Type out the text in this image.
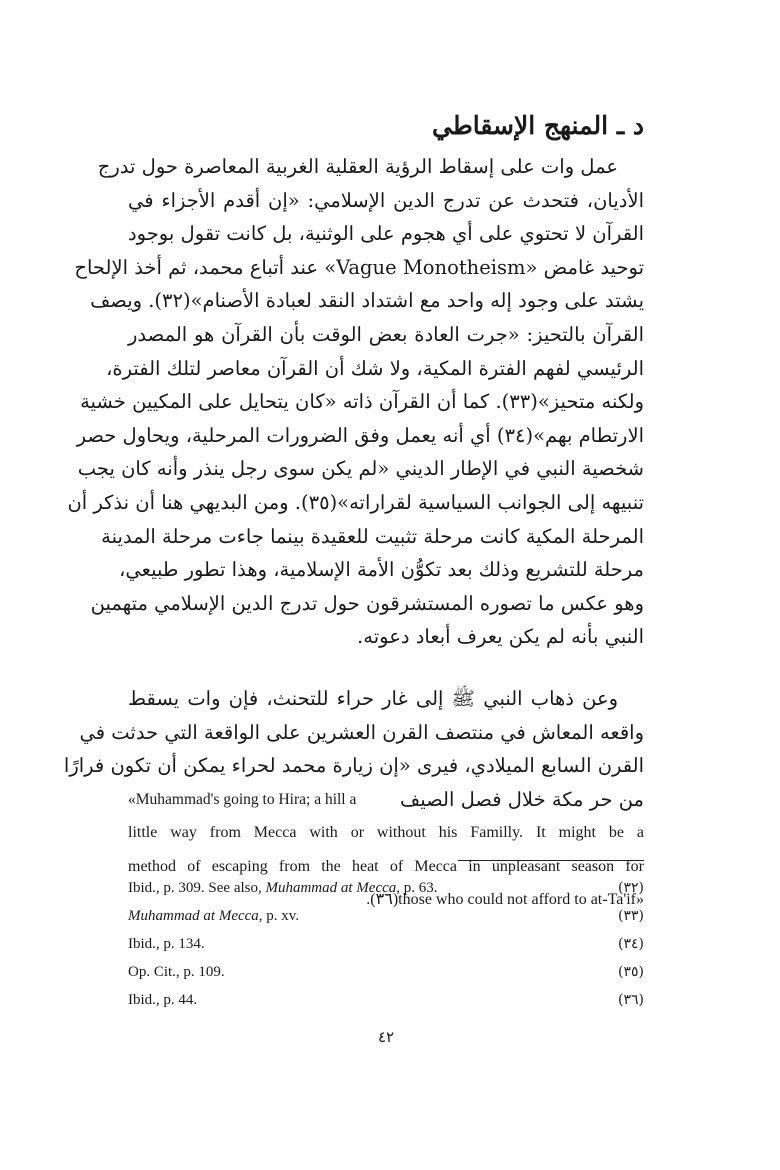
د ـ المنهج الإسقاطي
عمل وات على إسقاط الرؤية العقلية الغربية المعاصرة حول تدرج
الأديان، فتحدث عن تدرج الدين الإسلامي: «إن أقدم الأجزاء في
القرآن لا تحتوي على أي هجوم على الوثنية، بل كانت تقول بوجود
توحيد غامض «Vague Monotheism» عند أتباع محمد، ثم أخذ الإلحاح
يشتد على وجود إله واحد مع اشتداد النقد لعبادة الأصنام»(٣٢). ويصف
القرآن بالتحيز: «جرت العادة بعض الوقت بأن القرآن هو المصدر
الرئيسي لفهم الفترة المكية، ولا شك أن القرآن معاصر لتلك الفترة،
ولكنه متحيز»(٣٣). كما أن القرآن ذاته «كان يتحايل على المكيين خشية
الارتطام بهم»(٣٤) أي أنه يعمل وفق الضرورات المرحلية، ويحاول حصر
شخصية النبي في الإطار الديني «لم يكن سوى رجل ينذر وأنه كان يجب
تنبيهه إلى الجوانب السياسية لقراراته»(٣٥). ومن البديهي هنا أن نذكر أن
المرحلة المكية كانت مرحلة تثبيت للعقيدة بينما جاءت مرحلة المدينة
مرحلة للتشريع وذلك بعد تكوُّن الأمة الإسلامية، وهذا تطور طبيعي،
وهو عكس ما تصوره المستشرقون حول تدرج الدين الإسلامي متهمين
النبي بأنه لم يكن يعرف أبعاد دعوته.
وعن ذهاب النبي ﷺ إلى غار حراء للتحنث، فإن وات يسقط
واقعه المعاش في منتصف القرن العشرين على الواقعة التي حدثت في
القرن السابع الميلادي، فيرى «إن زيارة محمد لحراء يمكن أن تكون فرارًا
من حر مكة خلال فصل الصيف
«Muhammad's going to Hira; a hill a
little way from Mecca with or without his Familly. It might be a
method of escaping from the heat of Mecca in unpleasant season for
.(٣٦)those who could not afford to at-Ta'if»
Ibid., p. 309. See also, Muhammad at Mecca, p. 63.	(٣٢)
Muhammad at Mecca, p. xv.	(٣٣)
Ibid., p. 134.	(٣٤)
Op. Cit., p. 109.	(٣٥)
Ibid., p. 44.	(٣٦)
٤٢
